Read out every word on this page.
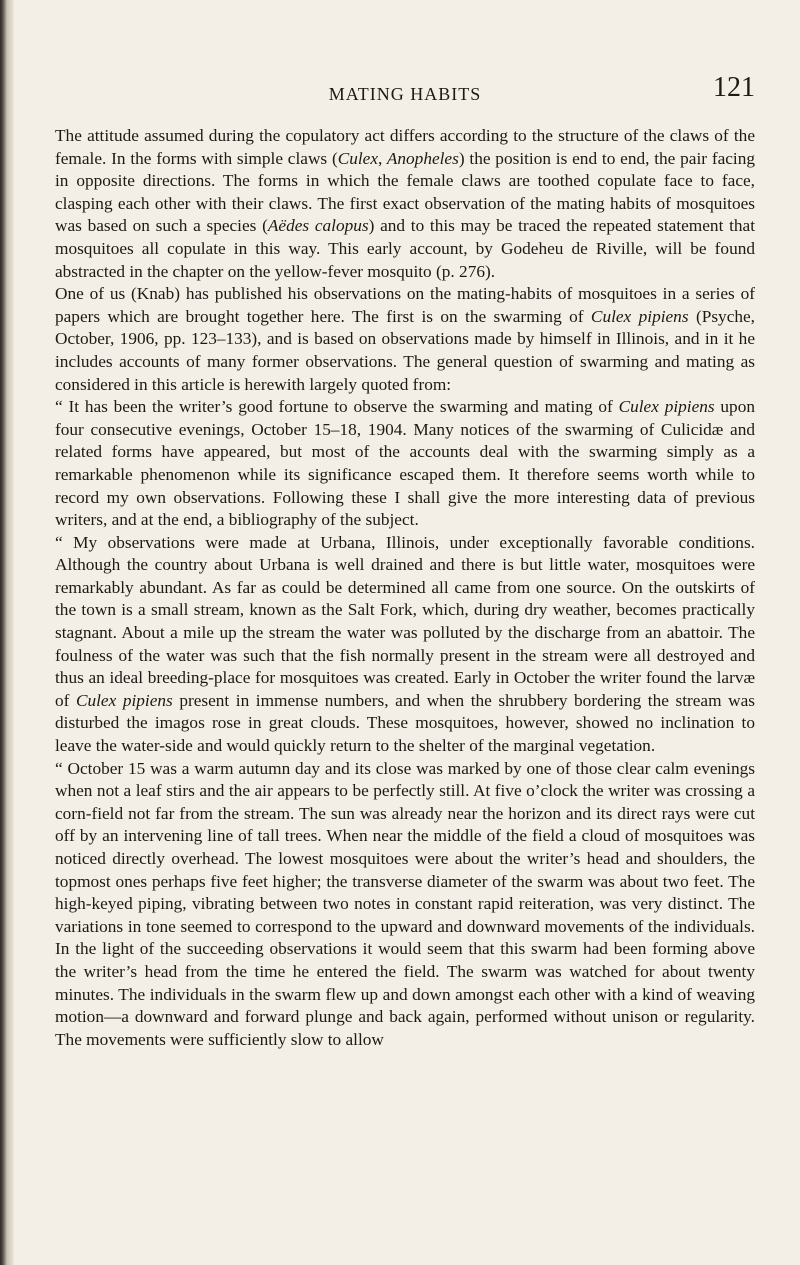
MATING HABITS	121

The attitude assumed during the copulatory act differs according to the structure of the claws of the female. In the forms with simple claws (Culex, Anopheles) the position is end to end, the pair facing in opposite directions. The forms in which the female claws are toothed copulate face to face, clasping each other with their claws. The first exact observation of the mating habits of mosquitoes was based on such a species (Aëdes calopus) and to this may be traced the repeated statement that mosquitoes all copulate in this way. This early account, by Godeheu de Riville, will be found abstracted in the chapter on the yellow-fever mosquito (p. 276).

One of us (Knab) has published his observations on the mating-habits of mosquitoes in a series of papers which are brought together here. The first is on the swarming of Culex pipiens (Psyche, October, 1906, pp. 123–133), and is based on observations made by himself in Illinois, and in it he includes accounts of many former observations. The general question of swarming and mating as considered in this article is herewith largely quoted from:

“ It has been the writer’s good fortune to observe the swarming and mating of Culex pipiens upon four consecutive evenings, October 15–18, 1904. Many notices of the swarming of Culicidæ and related forms have appeared, but most of the accounts deal with the swarming simply as a remarkable phenomenon while its significance escaped them. It therefore seems worth while to record my own observations. Following these I shall give the more interesting data of previous writers, and at the end, a bibliography of the subject.

“ My observations were made at Urbana, Illinois, under exceptionally favorable conditions. Although the country about Urbana is well drained and there is but little water, mosquitoes were remarkably abundant. As far as could be determined all came from one source. On the outskirts of the town is a small stream, known as the Salt Fork, which, during dry weather, becomes practically stagnant. About a mile up the stream the water was polluted by the discharge from an abattoir. The foulness of the water was such that the fish normally present in the stream were all destroyed and thus an ideal breeding-place for mosquitoes was created. Early in October the writer found the larvæ of Culex pipiens present in immense numbers, and when the shrubbery bordering the stream was disturbed the imagos rose in great clouds. These mosquitoes, however, showed no inclination to leave the water-side and would quickly return to the shelter of the marginal vegetation.

“ October 15 was a warm autumn day and its close was marked by one of those clear calm evenings when not a leaf stirs and the air appears to be perfectly still. At five o’clock the writer was crossing a corn-field not far from the stream. The sun was already near the horizon and its direct rays were cut off by an intervening line of tall trees. When near the middle of the field a cloud of mosquitoes was noticed directly overhead. The lowest mosquitoes were about the writer’s head and shoulders, the topmost ones perhaps five feet higher; the transverse diameter of the swarm was about two feet. The high-keyed piping, vibrating between two notes in constant rapid reiteration, was very distinct. The variations in tone seemed to correspond to the upward and downward movements of the individuals. In the light of the succeeding observations it would seem that this swarm had been forming above the writer’s head from the time he entered the field. The swarm was watched for about twenty minutes. The individuals in the swarm flew up and down amongst each other with a kind of weaving motion—a downward and forward plunge and back again, performed without unison or regularity. The movements were sufficiently slow to allow
